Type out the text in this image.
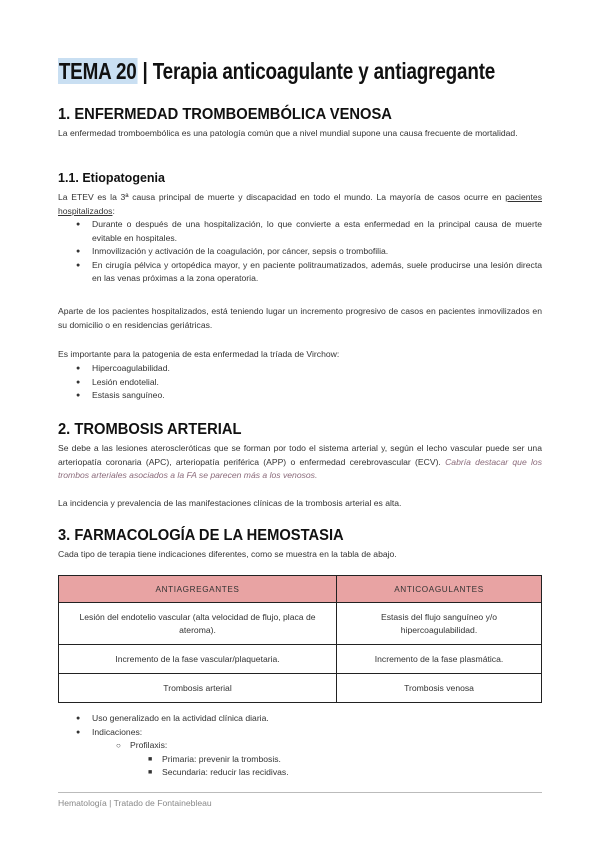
TEMA 20 | Terapia anticoagulante y antiagregante
1. ENFERMEDAD TROMBOEMBÓLICA VENOSA
La enfermedad tromboembólica es una patología común que a nivel mundial supone una causa frecuente de mortalidad.
1.1. Etiopatogenia
La ETEV es la 3ª causa principal de muerte y discapacidad en todo el mundo. La mayoría de casos ocurre en pacientes hospitalizados:
● Durante o después de una hospitalización, lo que convierte a esta enfermedad en la principal causa de muerte evitable en hospitales.
● Inmovilización y activación de la coagulación, por cáncer, sepsis o trombofilia.
● En cirugía pélvica y ortopédica mayor, y en paciente politraumatizados, además, suele producirse una lesión directa en las venas próximas a la zona operatoria.
Aparte de los pacientes hospitalizados, está teniendo lugar un incremento progresivo de casos en pacientes inmovilizados en su domicilio o en residencias geriátricas.
Es importante para la patogenia de esta enfermedad la tríada de Virchow:
● Hipercoagulabilidad.
● Lesión endotelial.
● Estasis sanguíneo.
2. TROMBOSIS ARTERIAL
Se debe a las lesiones ateroscleróticas que se forman por todo el sistema arterial y, según el lecho vascular puede ser una arteriopatía coronaria (APC), arteriopatía periférica (APP) o enfermedad cerebrovascular (ECV). Cabría destacar que los trombos arteriales asociados a la FA se parecen más a los venosos.
La incidencia y prevalencia de las manifestaciones clínicas de la trombosis arterial es alta.
3. FARMACOLOGÍA DE LA HEMOSTASIA
Cada tipo de terapia tiene indicaciones diferentes, como se muestra en la tabla de abajo.
ANTIAGREGANTES	ANTICOAGULANTES
Lesión del endotelio vascular (alta velocidad de flujo, placa de ateroma).	Estasis del flujo sanguíneo y/o hipercoagulabilidad.
Incremento de la fase vascular/plaquetaria.	Incremento de la fase plasmática.
Trombosis arterial	Trombosis venosa
● Uso generalizado en la actividad clínica diaria.
● Indicaciones:
○ Profilaxis:
■ Primaria: prevenir la trombosis.
■ Secundaria: reducir las recidivas.
Hematología | Tratado de Fontainebleau
